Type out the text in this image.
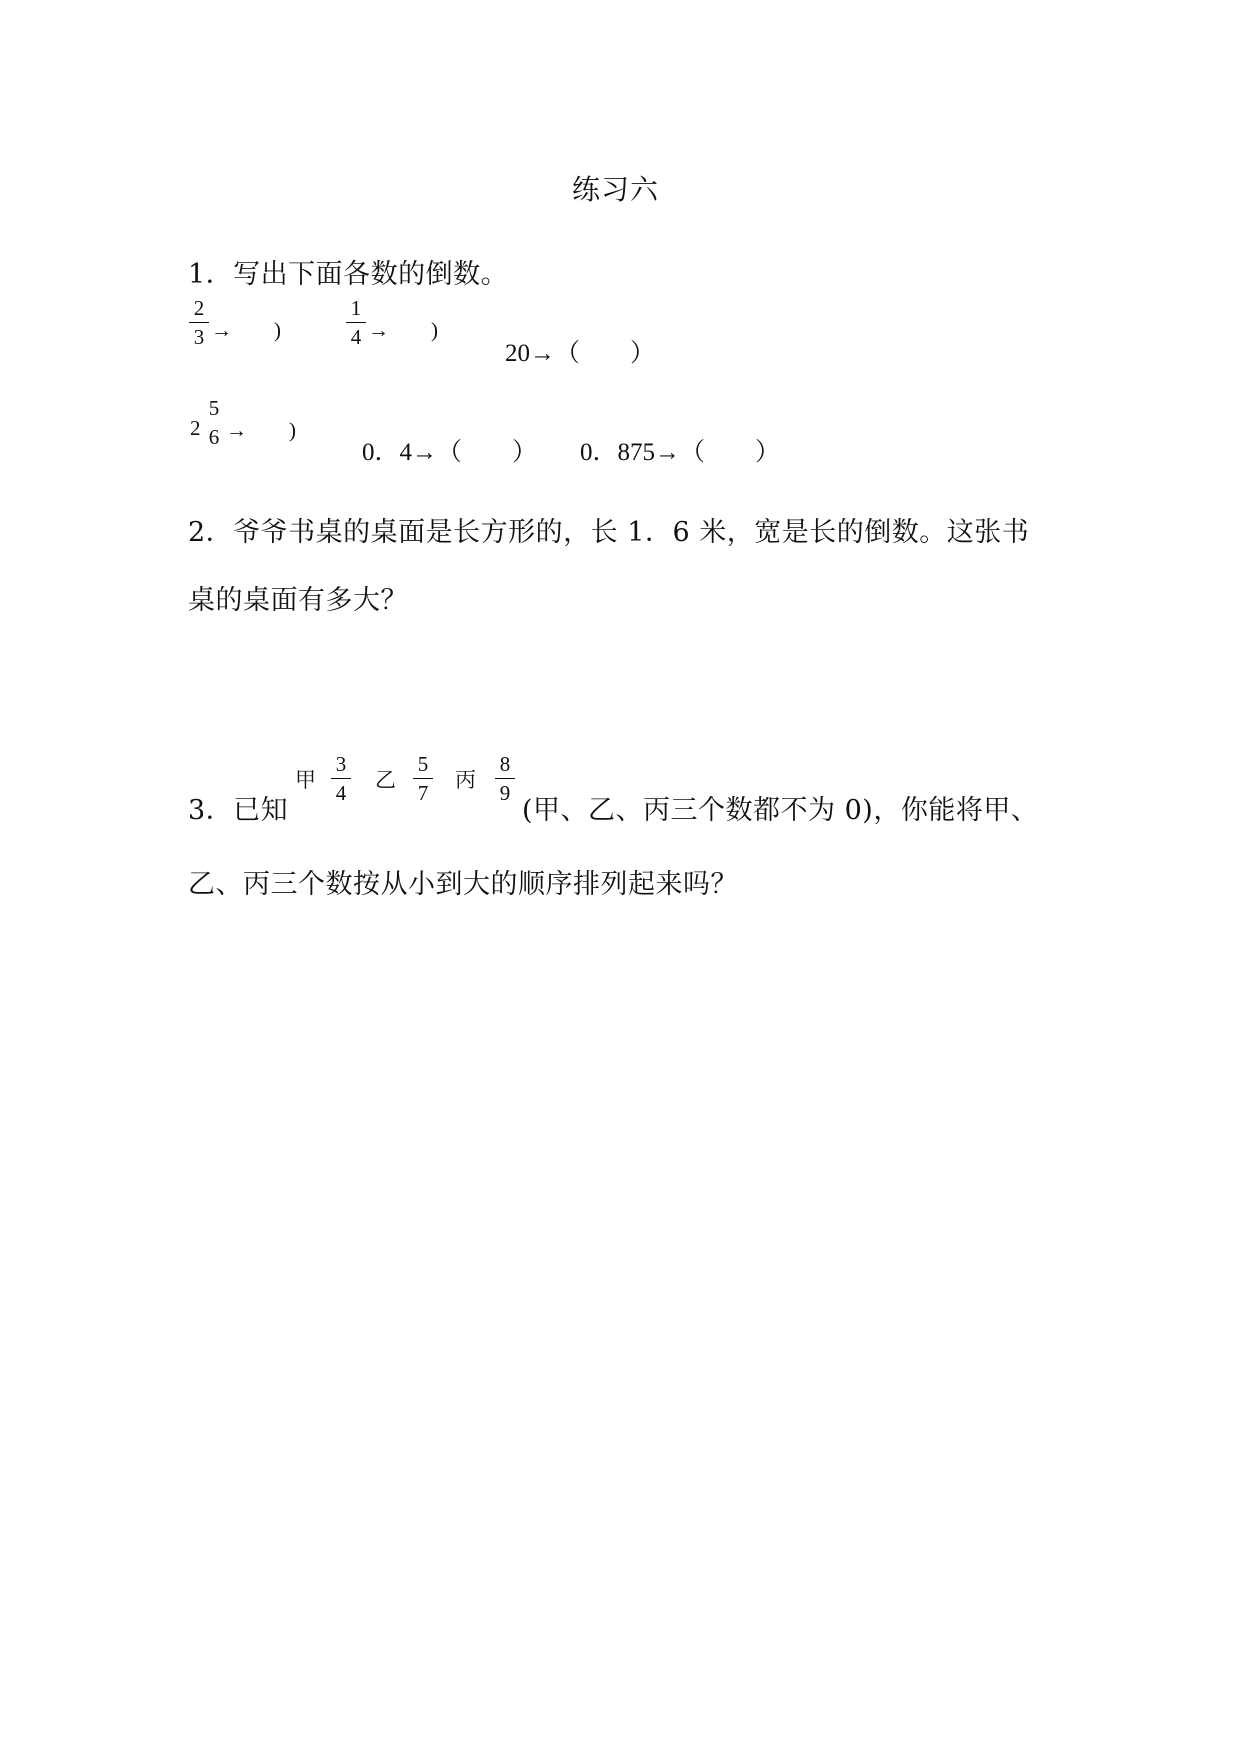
练习六
1．写出下面各数的倒数。
2
3 →　　)
1
4 →　　)
20→（　　）
2
5
6 →　　)
0．4→（　　） 0．875→（　　）
2．爷爷书桌的桌面是长方形的，长 1．6 米，宽是长的倒数。这张书
桌的桌面有多大？
3．已知
甲
3
4
乙
5
7
丙
8
9
(甲、乙、丙三个数都不为 0)，你能将甲、
乙、丙三个数按从小到大的顺序排列起来吗？
